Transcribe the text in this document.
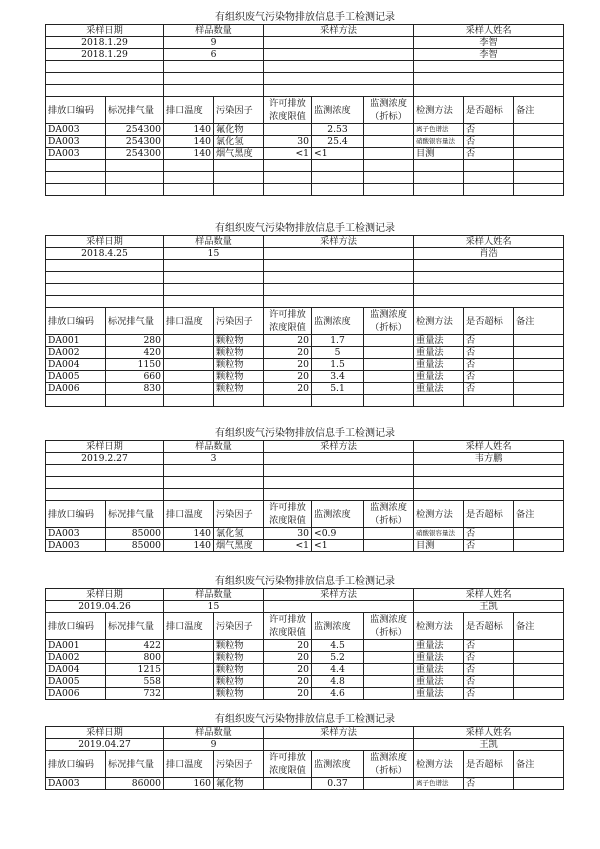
有组织废气污染物排放信息手工检测记录
采样日期		样品数量		采样方法			采样人姓名		
2018.1.29		9					李智		
2018.1.29		6					李智		

排放口编码	标况排气量	排口温度	污染因子	许可排放浓度限值	监测浓度	监测浓度（折标）	检测方法	是否超标	备注
DA003	254300	140	氟化物		2.53		离子色谱法	否	
DA003	254300	140	氯化氢	30	25.4		硝酸银容量法	否	
DA003	254300	140	烟气黑度	<1	<1		目测	否	

有组织废气污染物排放信息手工检测记录
采样日期		样品数量		采样方法			采样人姓名		
2018.4.25		15					肖浩		

排放口编码	标况排气量	排口温度	污染因子	许可排放浓度限值	监测浓度	监测浓度（折标）	检测方法	是否超标	备注
DA001	280		颗粒物	20	1.7		重量法	否	
DA002	420		颗粒物	20	5		重量法	否	
DA004	1150		颗粒物	20	1.5		重量法	否	
DA005	660		颗粒物	20	3.4		重量法	否	
DA006	830		颗粒物	20	5.1		重量法	否	

有组织废气污染物排放信息手工检测记录
采样日期		样品数量		采样方法			采样人姓名		
2019.2.27		3					韦方鹏		

排放口编码	标况排气量	排口温度	污染因子	许可排放浓度限值	监测浓度	监测浓度（折标）	检测方法	是否超标	备注
DA003	85000	140	氯化氢	30	<0.9		硝酸银容量法	否	
DA003	85000	140	烟气黑度	<1	<1		目测	否	
有组织废气污染物排放信息手工检测记录
采样日期		样品数量		采样方法			采样人姓名		
2019.04.26		15					王凯		
排放口编码	标况排气量	排口温度	污染因子	许可排放浓度限值	监测浓度	监测浓度（折标）	检测方法	是否超标	备注
DA001	422		颗粒物	20	4.5		重量法	否	
DA002	800		颗粒物	20	5.2		重量法	否	
DA004	1215		颗粒物	20	4.4		重量法	否	
DA005	558		颗粒物	20	4.8		重量法	否	
DA006	732		颗粒物	20	4.6		重量法	否	
有组织废气污染物排放信息手工检测记录
采样日期		样品数量		采样方法			采样人姓名		
2019.04.27		9					王凯		
排放口编码	标况排气量	排口温度	污染因子	许可排放浓度限值	监测浓度	监测浓度（折标）	检测方法	是否超标	备注
DA003	86000	160	氟化物		0.37		离子色谱法	否	
